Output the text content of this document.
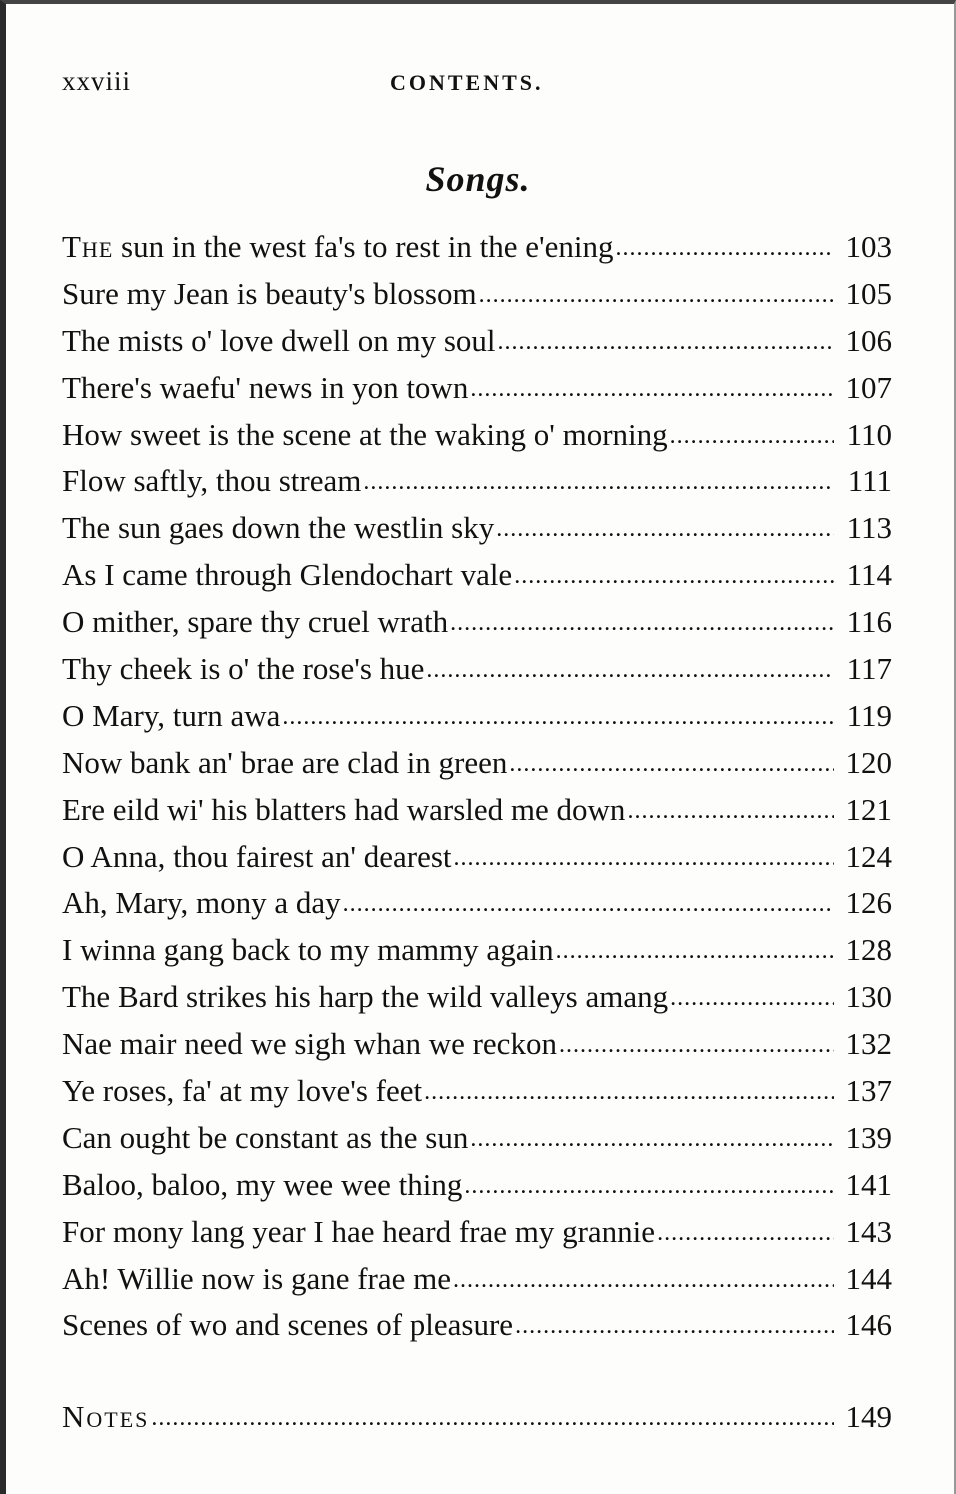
xxviii	CONTENTS.
Songs.
The sun in the west fa's to rest in the e'ening .....	103
Sure my Jean is beauty's blossom .....	105
The mists o' love dwell on my soul .....	106
There's waefu' news in yon town .....	107
How sweet is the scene at the waking o' morning .....	110
Flow saftly, thou stream .....	111
The sun gaes down the westlin sky .....	113
As I came through Glendochart vale .....	114
O mither, spare thy cruel wrath .....	116
Thy cheek is o' the rose's hue .....	117
O Mary, turn awa .....	119
Now bank an' brae are clad in green .....	120
Ere eild wi' his blatters had warsled me down .....	121
O Anna, thou fairest an' dearest .....	124
Ah, Mary, mony a day .....	126
I winna gang back to my mammy again .....	128
The Bard strikes his harp the wild valleys amang .....	130
Nae mair need we sigh whan we reckon .....	132
Ye roses, fa' at my love's feet .....	137
Can ought be constant as the sun .....	139
Baloo, baloo, my wee wee thing .....	141
For mony lang year I hae heard frae my grannie .....	143
Ah! Willie now is gane frae me .....	144
Scenes of wo and scenes of pleasure .....	146
Notes .....	149
